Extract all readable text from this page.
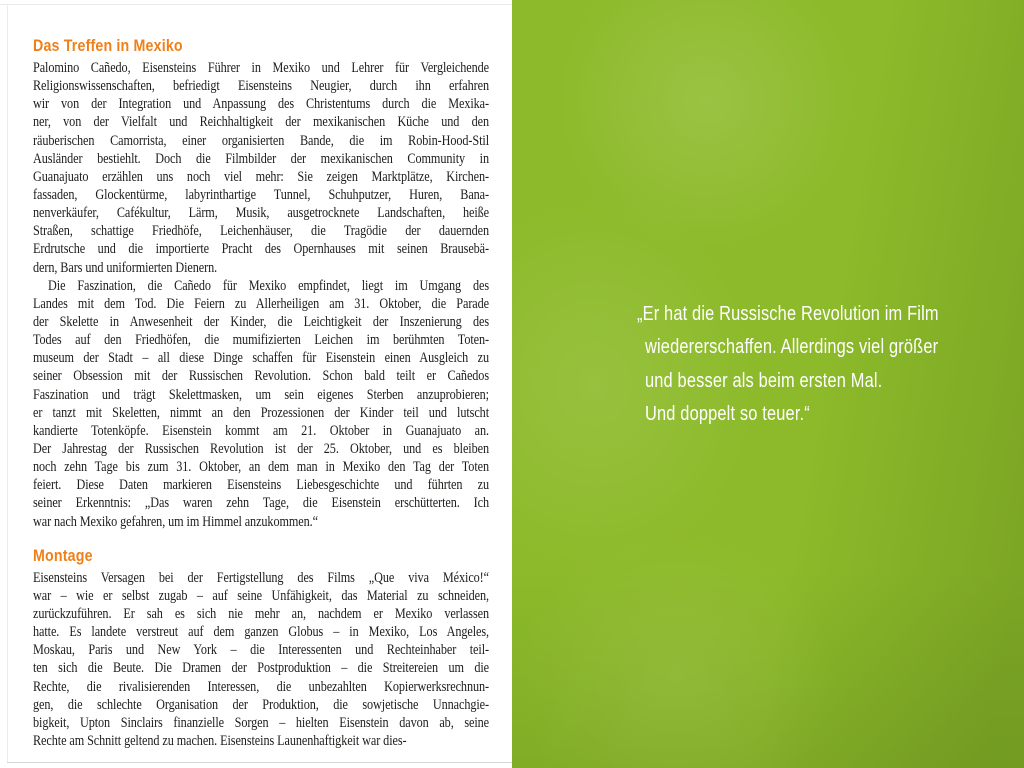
Das Treffen in Mexiko
Palomino Cañedo, Eisensteins Führer in Mexiko und Lehrer für Vergleichende
Religionswissenschaften, befriedigt Eisensteins Neugier, durch ihn erfahren
wir von der Integration und Anpassung des Christentums durch die Mexika-
ner, von der Vielfalt und Reichhaltigkeit der mexikanischen Küche und den
räuberischen Camorrista, einer organisierten Bande, die im Robin-Hood-Stil
Ausländer bestiehlt. Doch die Filmbilder der mexikanischen Community in
Guanajuato erzählen uns noch viel mehr: Sie zeigen Marktplätze, Kirchen-
fassaden, Glockentürme, labyrinthartige Tunnel, Schuhputzer, Huren, Bana-
nenverkäufer, Cafékultur, Lärm, Musik, ausgetrocknete Landschaften, heiße
Straßen, schattige Friedhöfe, Leichenhäuser, die Tragödie der dauernden
Erdrutsche und die importierte Pracht des Opernhauses mit seinen Brausebä-
dern, Bars und uniformierten Dienern.
Die Faszination, die Cañedo für Mexiko empfindet, liegt im Umgang des
Landes mit dem Tod. Die Feiern zu Allerheiligen am 31. Oktober, die Parade
der Skelette in Anwesenheit der Kinder, die Leichtigkeit der Inszenierung des
Todes auf den Friedhöfen, die mumifizierten Leichen im berühmten Toten-
museum der Stadt – all diese Dinge schaffen für Eisenstein einen Ausgleich zu
seiner Obsession mit der Russischen Revolution. Schon bald teilt er Cañedos
Faszination und trägt Skelettmasken, um sein eigenes Sterben anzuprobieren;
er tanzt mit Skeletten, nimmt an den Prozessionen der Kinder teil und lutscht
kandierte Totenköpfe. Eisenstein kommt am 21. Oktober in Guanajuato an.
Der Jahrestag der Russischen Revolution ist der 25. Oktober, und es bleiben
noch zehn Tage bis zum 31. Oktober, an dem man in Mexiko den Tag der Toten
feiert. Diese Daten markieren Eisensteins Liebesgeschichte und führten zu
seiner Erkenntnis: „Das waren zehn Tage, die Eisenstein erschütterten. Ich
war nach Mexiko gefahren, um im Himmel anzukommen.“
Montage
Eisensteins Versagen bei der Fertigstellung des Films „Que viva México!“
war – wie er selbst zugab – auf seine Unfähigkeit, das Material zu schneiden,
zurückzuführen. Er sah es sich nie mehr an, nachdem er Mexiko verlassen
hatte. Es landete verstreut auf dem ganzen Globus – in Mexiko, Los Angeles,
Moskau, Paris und New York – die Interessenten und Rechteinhaber teil-
ten sich die Beute. Die Dramen der Postproduktion – die Streitereien um die
Rechte, die rivalisierenden Interessen, die unbezahlten Kopierwerksrechnun-
gen, die schlechte Organisation der Produktion, die sowjetische Unnachgie-
bigkeit, Upton Sinclairs finanzielle Sorgen – hielten Eisenstein davon ab, seine
Rechte am Schnitt geltend zu machen. Eisensteins Launenhaftigkeit war dies-
„Er hat die Russische Revolution im Film
wiedererschaffen. Allerdings viel größer
und besser als beim ersten Mal.
Und doppelt so teuer.“
